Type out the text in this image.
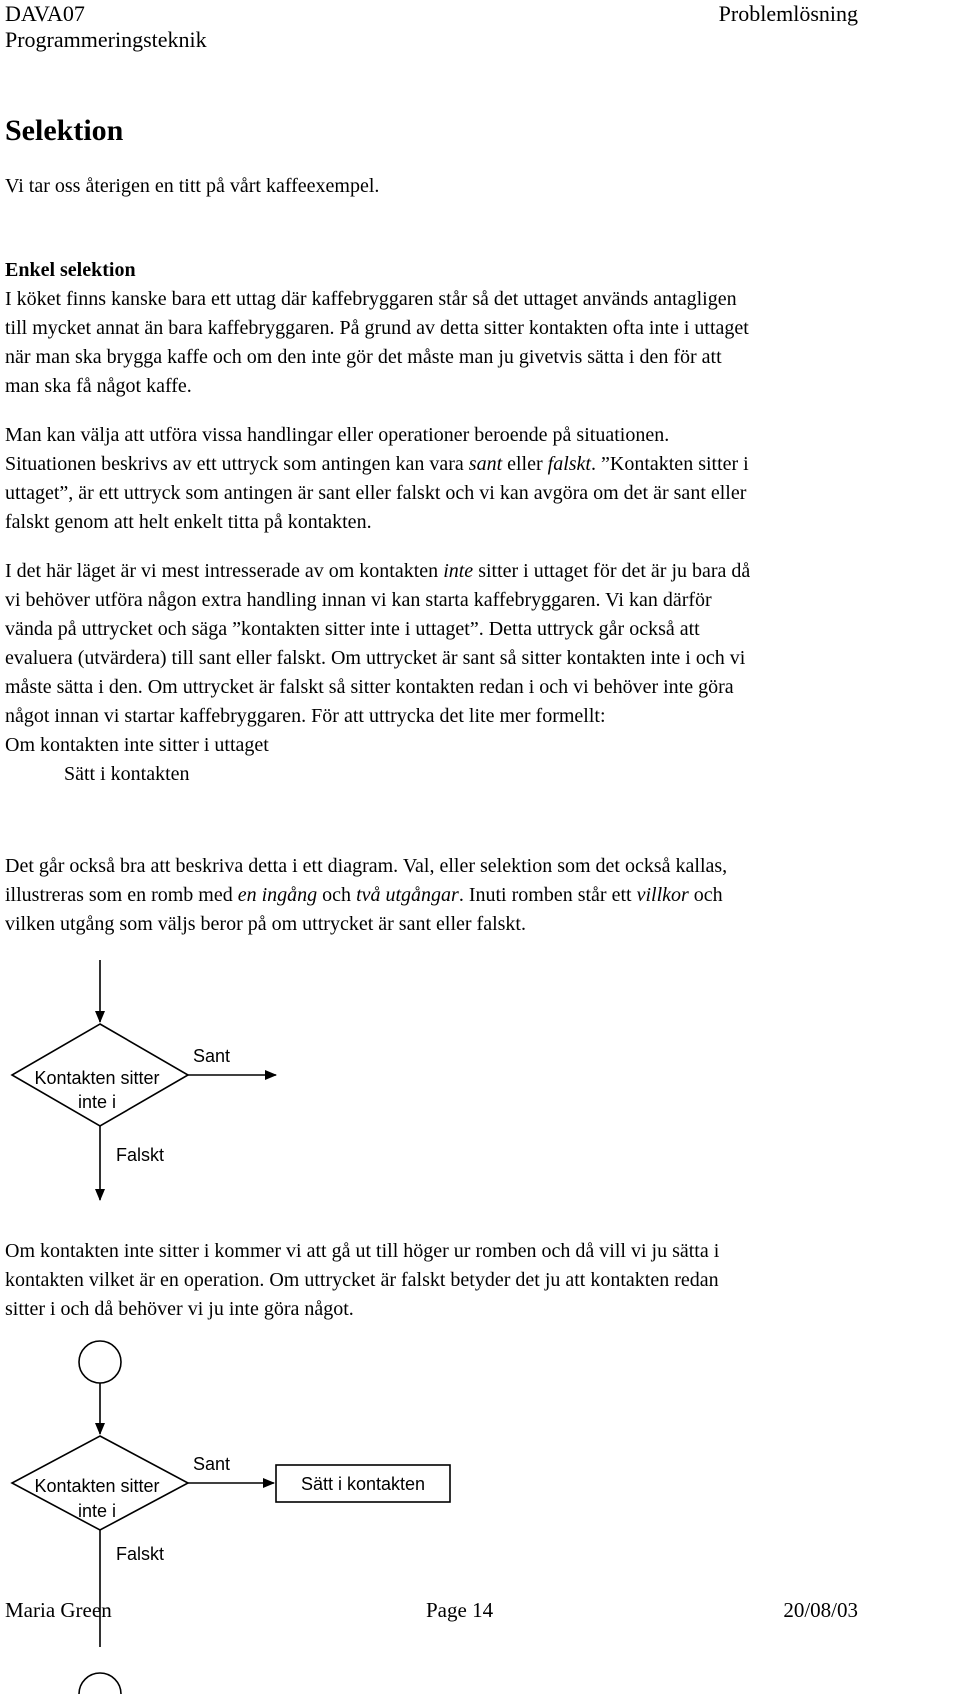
DAVA07
Programmeringsteknik
Problemlösning
Selektion
Vi tar oss återigen en titt på vårt kaffeexempel.
Enkel selektion
I köket finns kanske bara ett uttag där kaffebryggaren står så det uttaget används antagligen
till mycket annat än bara kaffebryggaren. På grund av detta sitter kontakten ofta inte i uttaget
när man ska brygga kaffe och om den inte gör det måste man ju givetvis sätta i den för att
man ska få något kaffe.
Man kan välja att utföra vissa handlingar eller operationer beroende på situationen.
Situationen beskrivs av ett uttryck som antingen kan vara sant eller falskt. ”Kontakten sitter i
uttaget”, är ett uttryck som antingen är sant eller falskt och vi kan avgöra om det är sant eller
falskt genom att helt enkelt titta på kontakten.
I det här läget är vi mest intresserade av om kontakten inte sitter i uttaget för det är ju bara då
vi behöver utföra någon extra handling innan vi kan starta kaffebryggaren. Vi kan därför
vända på uttrycket och säga ”kontakten sitter inte i uttaget”. Detta uttryck går också att
evaluera (utvärdera) till sant eller falskt. Om uttrycket är sant så sitter kontakten inte i och vi
måste sätta i den. Om uttrycket är falskt så sitter kontakten redan i och vi behöver inte göra
något innan vi startar kaffebryggaren. För att uttrycka det lite mer formellt:
Om kontakten inte sitter i uttaget
Sätt i kontakten
Det går också bra att beskriva detta i ett diagram. Val, eller selektion som det också kallas,
illustreras som en romb med en ingång och två utgångar. Inuti romben står ett villkor och
vilken utgång som väljs beror på om uttrycket är sant eller falskt.
Kontakten sitter
inte i
Sant
Falskt
Om kontakten inte sitter i kommer vi att gå ut till höger ur romben och då vill vi ju sätta i
kontakten vilket är en operation. Om uttrycket är falskt betyder det ju att kontakten redan
sitter i och då behöver vi ju inte göra något.
Kontakten sitter
inte i
Sant
Sätt i kontakten
Falskt
Maria Green	Page 14	20/08/03
